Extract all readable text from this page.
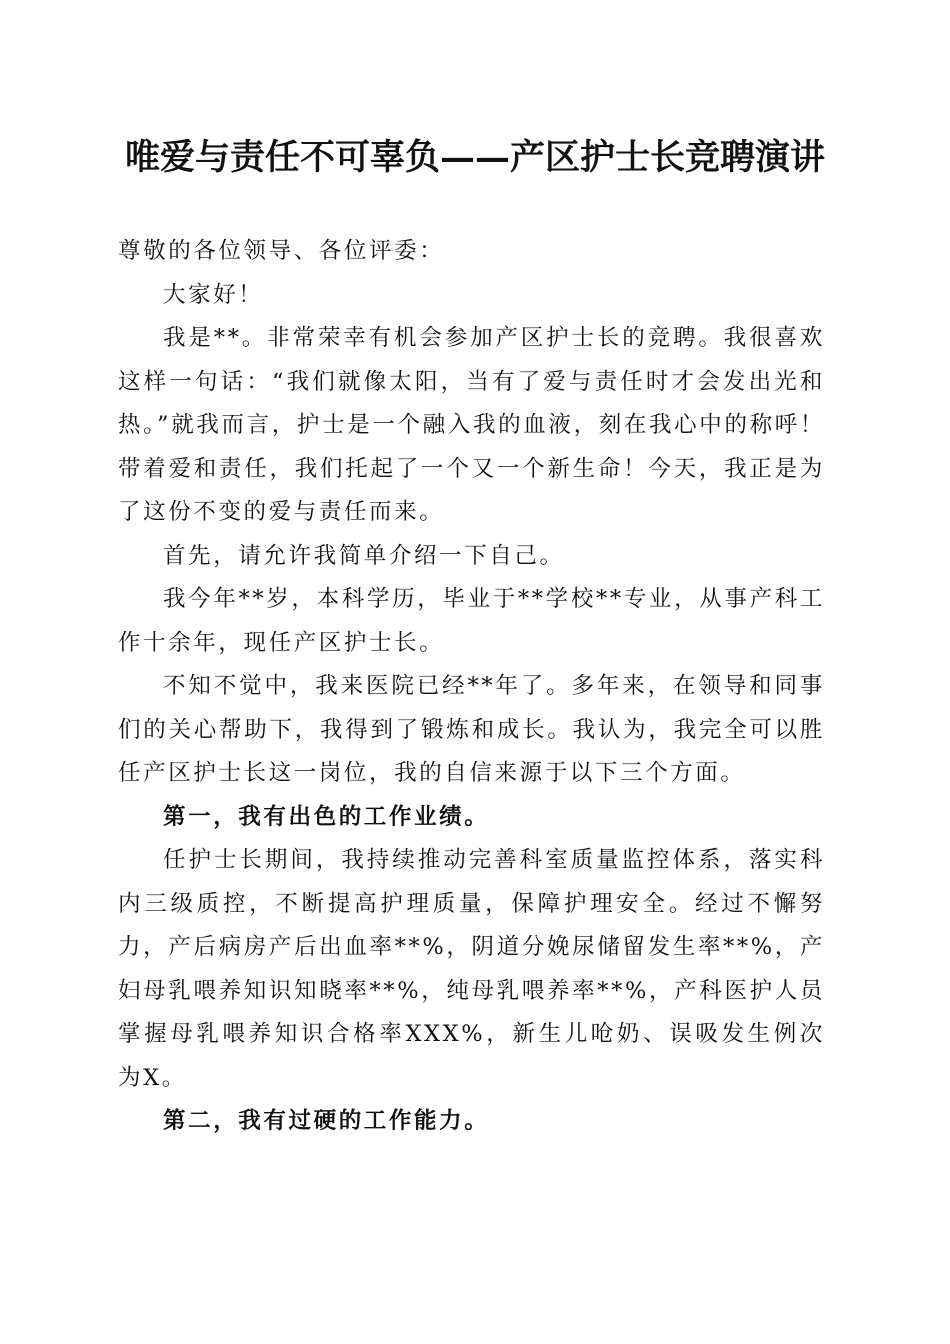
唯爱与责任不可辜负——产区护士长竞聘演讲

尊敬的各位领导、各位评委：

大家好！

我是**。非常荣幸有机会参加产区护士长的竞聘。我很喜欢这样一句话：“我们就像太阳，当有了爱与责任时才会发出光和热。”就我而言，护士是一个融入我的血液，刻在我心中的称呼！带着爱和责任，我们托起了一个又一个新生命！今天，我正是为了这份不变的爱与责任而来。

首先，请允许我简单介绍一下自己。

我今年**岁，本科学历，毕业于**学校**专业，从事产科工作十余年，现任产区护士长。

不知不觉中，我来医院已经**年了。多年来，在领导和同事们的关心帮助下，我得到了锻炼和成长。我认为，我完全可以胜任产区护士长这一岗位，我的自信来源于以下三个方面。

第一，我有出色的工作业绩。

任护士长期间，我持续推动完善科室质量监控体系，落实科内三级质控，不断提高护理质量，保障护理安全。经过不懈努力，产后病房产后出血率**%，阴道分娩尿储留发生率**%，产妇母乳喂养知识知晓率**%，纯母乳喂养率**%，产科医护人员掌握母乳喂养知识合格率XXX%，新生儿呛奶、误吸发生例次为X。

第二，我有过硬的工作能力。
